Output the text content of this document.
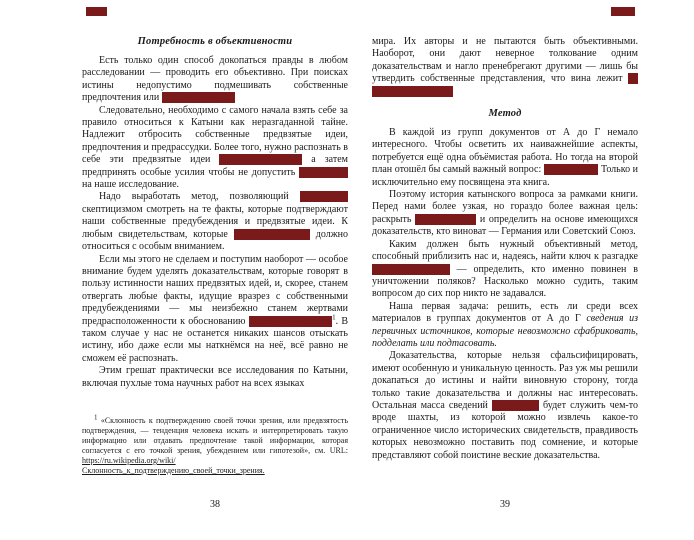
Потребность в объективности

Есть только один способ докопаться правды в любом расследовании — проводить его объективно. При поисках истины недопустимо подмешивать собственные предпочтения или предвзятые идеи.

Следовательно, необходимо с самого начала взять себе за правило относиться к Катыни как неразгаданной тайне. Надлежит отбросить собственные предвзятые идеи, предпочтения и предрассудки. Более того, нужно распознать в себе эти предвзятые идеи и предубеждения, а затем предпринять особые усилия чтобы не допустить их влияния на наше исследование.

Надо выработать метод, позволяющий с особым скептицизмом смотреть на те факты, которые подтверждают наши собственные предубеждения и предвзятые идеи. К любым свидетельствам, которые им противоречат, должно относиться с особым вниманием.

Если мы этого не сделаем и поступим наоборот — особое внимание будем уделять доказательствам, которые говорят в пользу истинности наших предвзятых идей, и, скорее, станем отвергать любые факты, идущие вразрез с собственными предубеждениями — мы неизбежно станем жертвами предрасположенности к обоснованию своей точки зрения$^1$. В таком случае у нас не останется никаких шансов отыскать истину, ибо даже если мы наткнёмся на неё, всё равно не сможем её распознать.

Этим грешат практически все исследования по Катыни, включая пухлые тома научных работ на всех языках

$^1$ «Склонность к подтверждению своей точки зрения, или предвзятость подтверждения, — тенденция человека искать и интерпретировать такую информацию или отдавать предпочтение такой информации, которая согласуется с его точкой зрения, убеждением или гипотезой», см. URL: https://ru.wikipedia.org/wiki/Склонность_к_подтверждению_своей_точки_зрения.

мира. Их авторы и не пытаются быть объективными. Наоборот, они дают неверное толкование одним доказательствам и нагло пренебрегают другими — лишь бы утвердить собственные представления, что вина лежит на советской стороне.

Метод

В каждой из групп документов от А до Г немало интересного. Чтобы осветить их наиважнейшие аспекты, потребуется ещё одна объёмистая работа. Но тогда на второй план отошёл бы самый важный вопрос: кто виноват? Только и исключительно ему посвящена эта книга.

Поэтому история катынского вопроса за рамками книги. Перед нами более узкая, но гораздо более важная цель: раскрыть тайну Катыни и определить на основе имеющихся доказательств, кто виноват — Германия или Советский Союз.

Каким должен быть нужный объективный метод, способный приблизить нас и, надеясь, найти ключ к разгадке катынской тайны — определить, кто именно повинен в уничтожении поляков? Насколько можно судить, таким вопросом до сих пор никто не задавался.

Наша первая задача: решить, есть ли среди всех материалов в группах документов от А до Г сведения из первичных источников, которые невозможно сфабриковать, подделать или подтасовать.

Доказательства, которые нельзя сфальсифицировать, имеют особенную и уникальную ценность. Раз уж мы решили докапаться до истины и найти виновную сторону, тогда только такие доказательства и должны нас интересовать. Остальная масса сведений по Катыни будет служить чем-то вроде шахты, из которой можно извлечь какое-то ограниченное число исторических свидетельств, правдивость которых невозможно поставить под сомнение, и которые представляют собой поистине веские доказательства.

38	39
